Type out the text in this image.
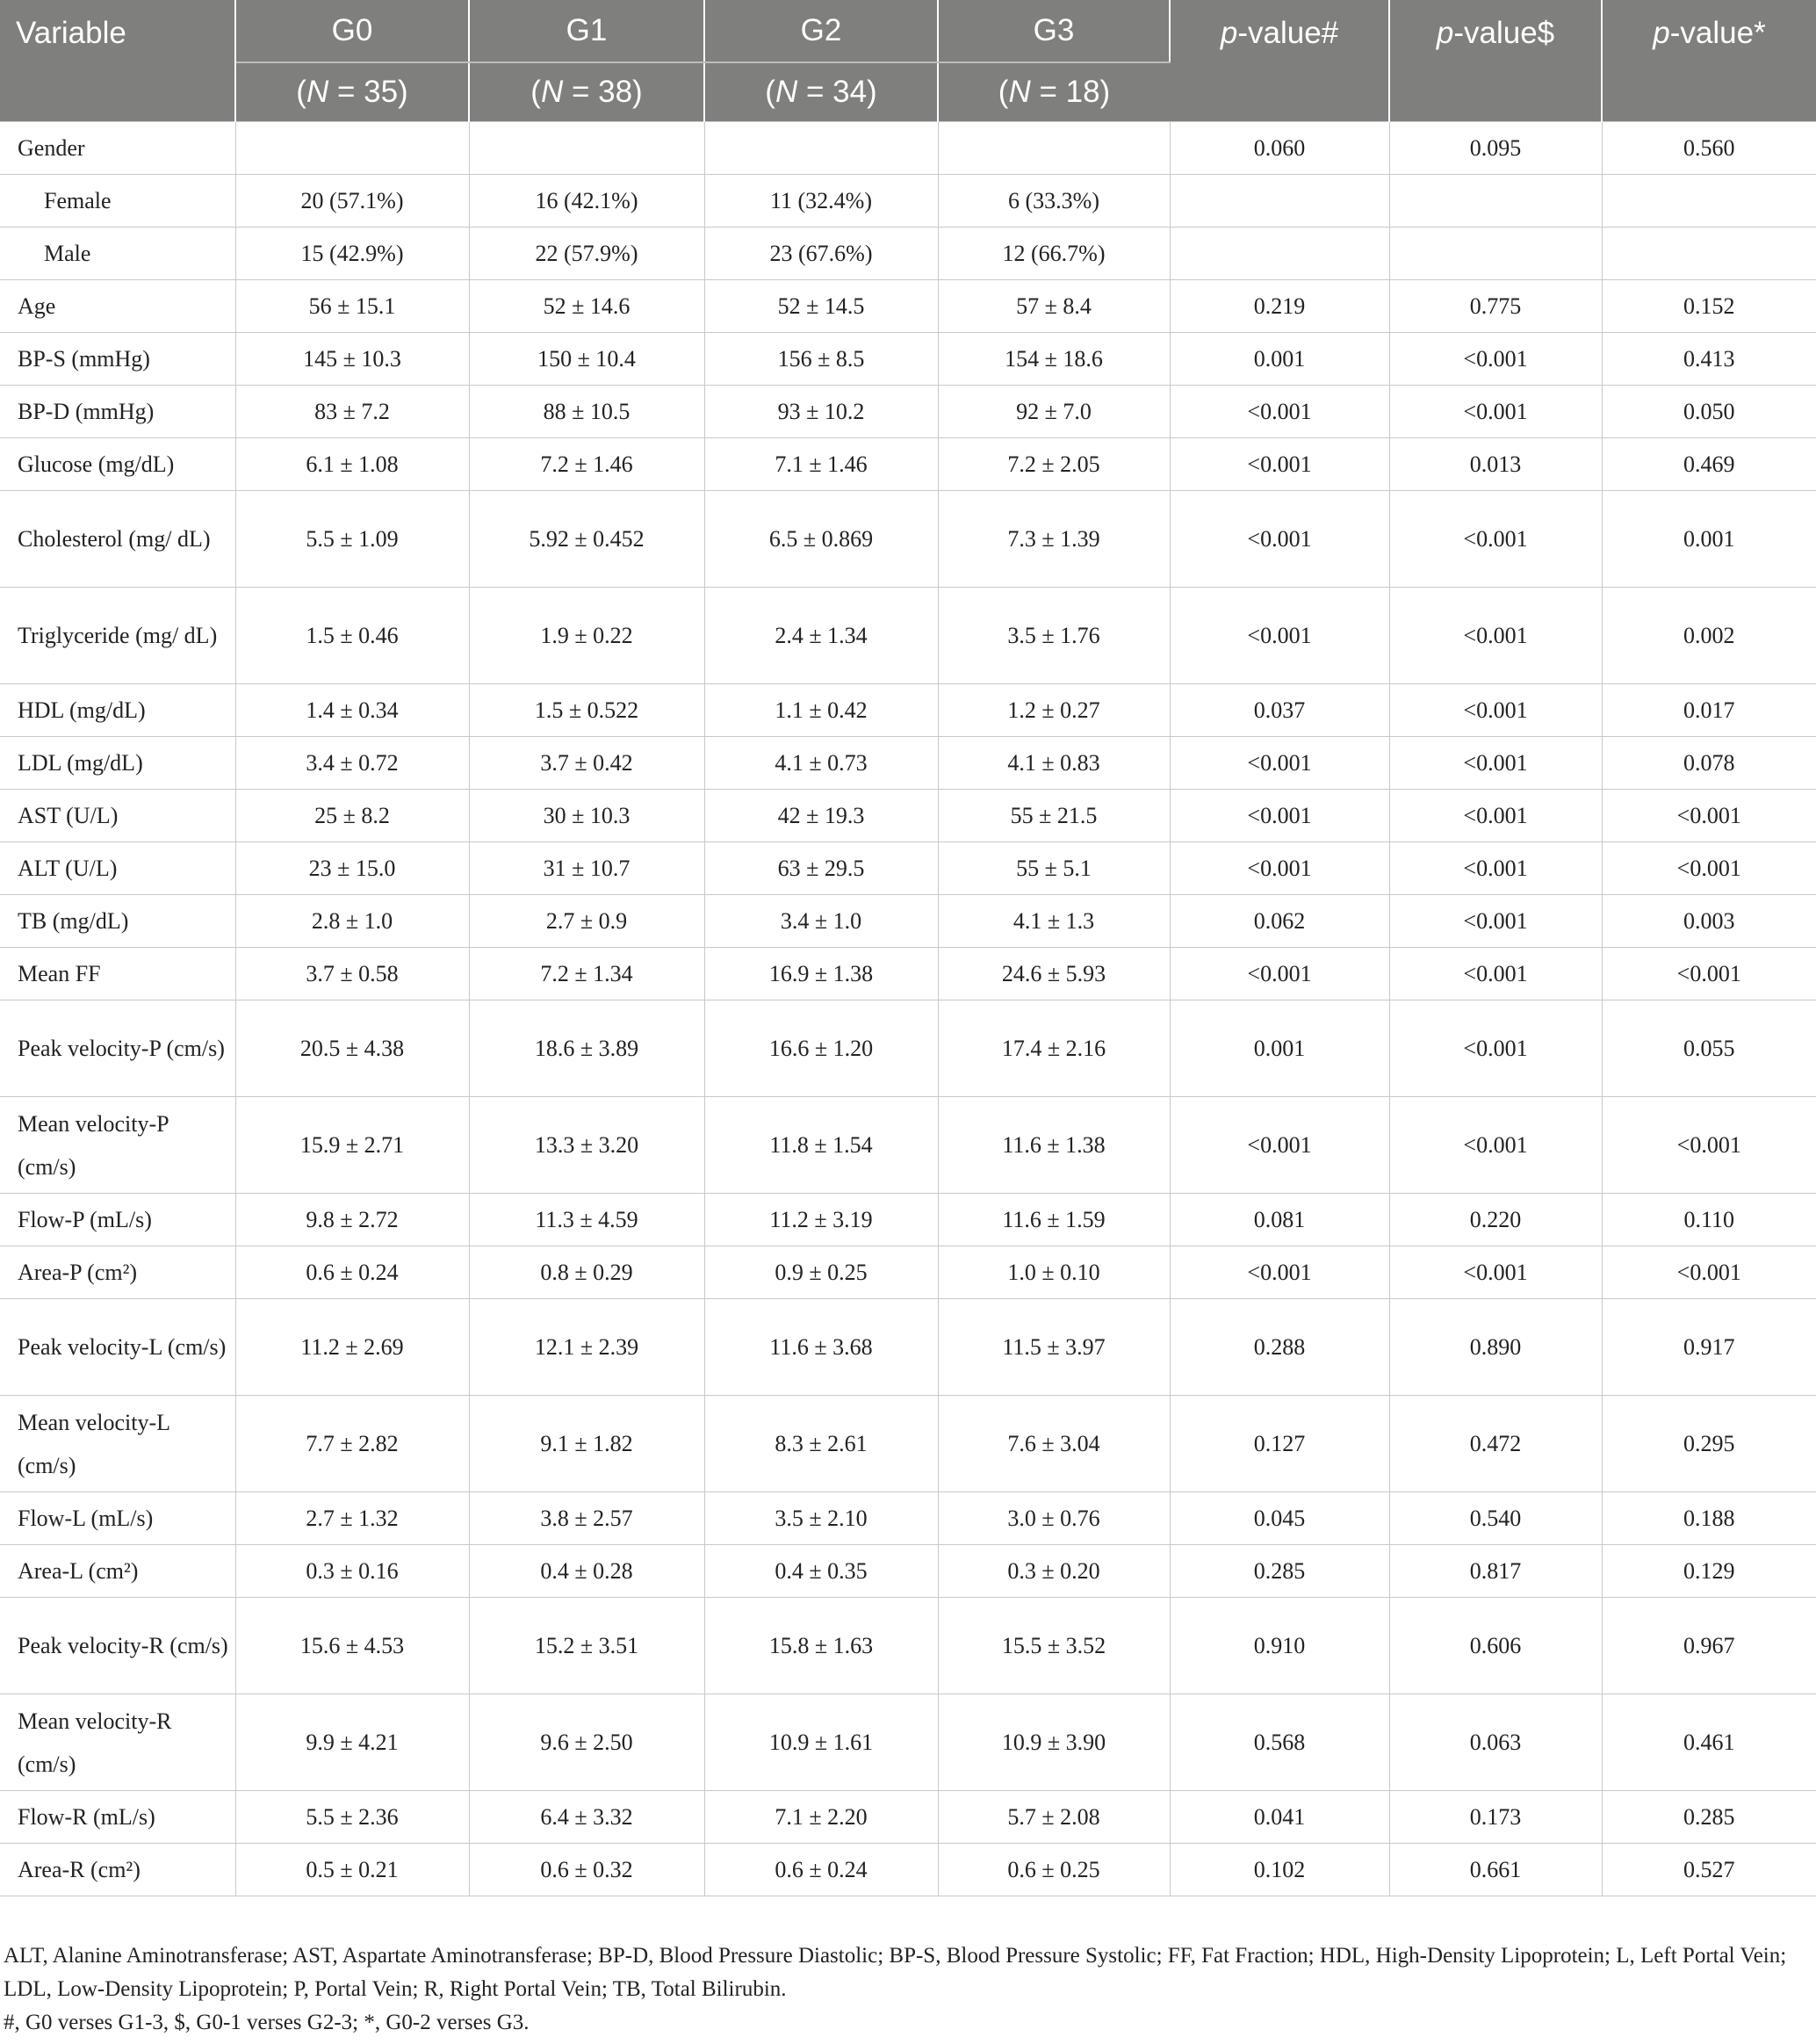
Variable	G0	G1	G2	G3	p-value#	p-value$	p-value*
	(N = 35)	(N = 38)	(N = 34)	(N = 18)			
Gender					0.060	0.095	0.560
Female	20 (57.1%)	16 (42.1%)	11 (32.4%)	6 (33.3%)			
Male	15 (42.9%)	22 (57.9%)	23 (67.6%)	12 (66.7%)			
Age	56 ± 15.1	52 ± 14.6	52 ± 14.5	57 ± 8.4	0.219	0.775	0.152
BP-S (mmHg)	145 ± 10.3	150 ± 10.4	156 ± 8.5	154 ± 18.6	0.001	<0.001	0.413
BP-D (mmHg)	83 ± 7.2	88 ± 10.5	93 ± 10.2	92 ± 7.0	<0.001	<0.001	0.050
Glucose (mg/dL)	6.1 ± 1.08	7.2 ± 1.46	7.1 ± 1.46	7.2 ± 2.05	<0.001	0.013	0.469
Cholesterol (mg/ dL)	5.5 ± 1.09	5.92 ± 0.452	6.5 ± 0.869	7.3 ± 1.39	<0.001	<0.001	0.001
Triglyceride (mg/ dL)	1.5 ± 0.46	1.9 ± 0.22	2.4 ± 1.34	3.5 ± 1.76	<0.001	<0.001	0.002
HDL (mg/dL)	1.4 ± 0.34	1.5 ± 0.522	1.1 ± 0.42	1.2 ± 0.27	0.037	<0.001	0.017
LDL (mg/dL)	3.4 ± 0.72	3.7 ± 0.42	4.1 ± 0.73	4.1 ± 0.83	<0.001	<0.001	0.078
AST (U/L)	25 ± 8.2	30 ± 10.3	42 ± 19.3	55 ± 21.5	<0.001	<0.001	<0.001
ALT (U/L)	23 ± 15.0	31 ± 10.7	63 ± 29.5	55 ± 5.1	<0.001	<0.001	<0.001
TB (mg/dL)	2.8 ± 1.0	2.7 ± 0.9	3.4 ± 1.0	4.1 ± 1.3	0.062	<0.001	0.003
Mean FF	3.7 ± 0.58	7.2 ± 1.34	16.9 ± 1.38	24.6 ± 5.93	<0.001	<0.001	<0.001
Peak velocity-P (cm/s)	20.5 ± 4.38	18.6 ± 3.89	16.6 ± 1.20	17.4 ± 2.16	0.001	<0.001	0.055
Mean velocity-P (cm/s)	15.9 ± 2.71	13.3 ± 3.20	11.8 ± 1.54	11.6 ± 1.38	<0.001	<0.001	<0.001
Flow-P (mL/s)	9.8 ± 2.72	11.3 ± 4.59	11.2 ± 3.19	11.6 ± 1.59	0.081	0.220	0.110
Area-P (cm²)	0.6 ± 0.24	0.8 ± 0.29	0.9 ± 0.25	1.0 ± 0.10	<0.001	<0.001	<0.001
Peak velocity-L (cm/s)	11.2 ± 2.69	12.1 ± 2.39	11.6 ± 3.68	11.5 ± 3.97	0.288	0.890	0.917
Mean velocity-L (cm/s)	7.7 ± 2.82	9.1 ± 1.82	8.3 ± 2.61	7.6 ± 3.04	0.127	0.472	0.295
Flow-L (mL/s)	2.7 ± 1.32	3.8 ± 2.57	3.5 ± 2.10	3.0 ± 0.76	0.045	0.540	0.188
Area-L (cm²)	0.3 ± 0.16	0.4 ± 0.28	0.4 ± 0.35	0.3 ± 0.20	0.285	0.817	0.129
Peak velocity-R (cm/s)	15.6 ± 4.53	15.2 ± 3.51	15.8 ± 1.63	15.5 ± 3.52	0.910	0.606	0.967
Mean velocity-R (cm/s)	9.9 ± 4.21	9.6 ± 2.50	10.9 ± 1.61	10.9 ± 3.90	0.568	0.063	0.461
Flow-R (mL/s)	5.5 ± 2.36	6.4 ± 3.32	7.1 ± 2.20	5.7 ± 2.08	0.041	0.173	0.285
Area-R (cm²)	0.5 ± 0.21	0.6 ± 0.32	0.6 ± 0.24	0.6 ± 0.25	0.102	0.661	0.527

ALT, Alanine Aminotransferase; AST, Aspartate Aminotransferase; BP-D, Blood Pressure Diastolic; BP-S, Blood Pressure Systolic; FF, Fat Fraction; HDL, High-Density Lipoprotein; L, Left Portal Vein; LDL, Low-Density Lipoprotein; P, Portal Vein; R, Right Portal Vein; TB, Total Bilirubin.

#, G0 verses G1-3, $, G0-1 verses G2-3; *, G0-2 verses G3.
